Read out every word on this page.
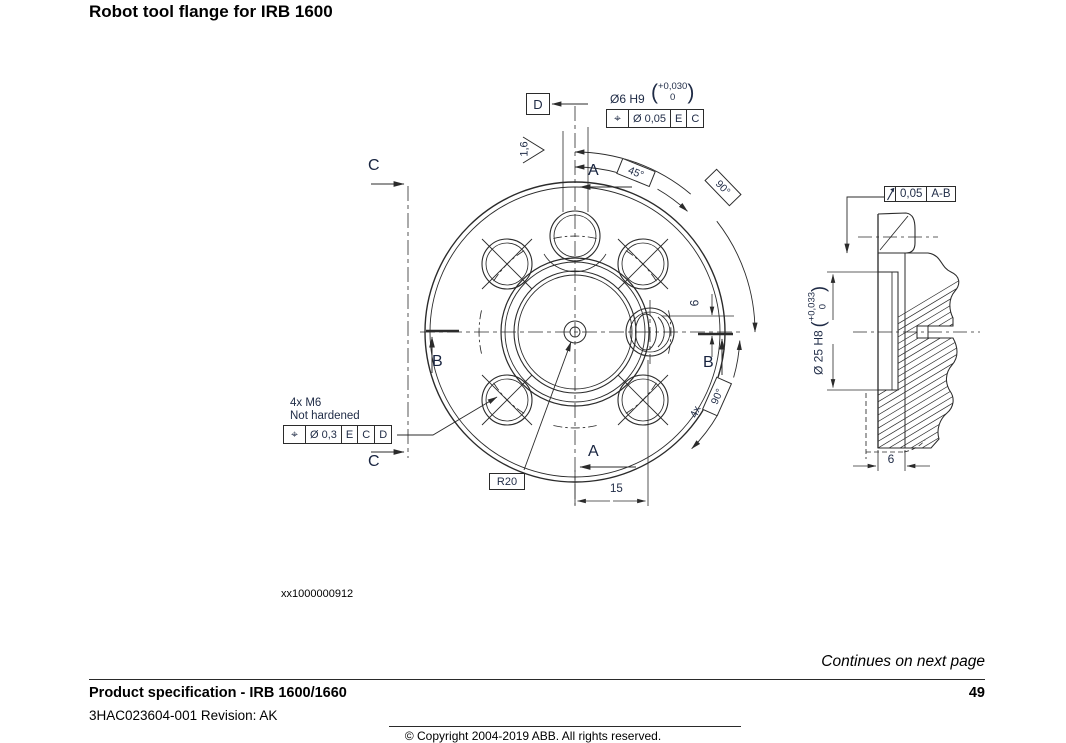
Robot tool flange for IRB 1600
D	Ø6 H9 ( +0,030
0 )
⌖	Ø 0,05 E C
1,6
C
C
A
A
B	B
45°
90°
90°
4x
6
4x M6
Not hardened
⌖	Ø 0,3 E C D
R20
15
0,05 A-B
Ø 25 H8
(
+0,033 0
)
6
xx1000000912
Continues on next page
Product specification - IRB 1600/1660	49
3HAC023604-001 Revision: AK
© Copyright 2004-2019 ABB. All rights reserved.
